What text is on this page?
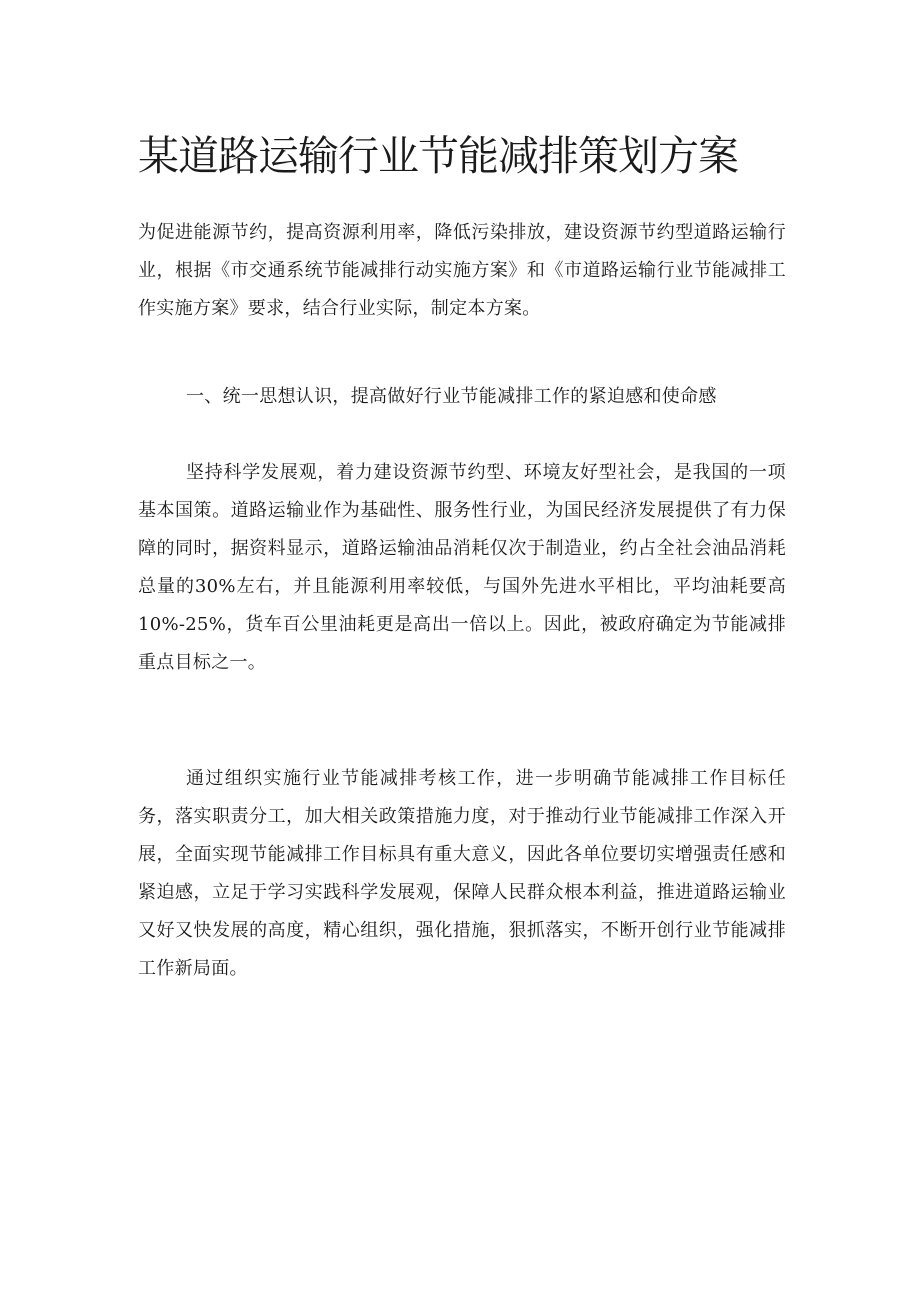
某道路运输行业节能减排策划方案

为促进能源节约，提高资源利用率，降低污染排放，建设资源节约型道路运输行业，根据《市交通系统节能减排行动实施方案》和《市道路运输行业节能减排工作实施方案》要求，结合行业实际，制定本方案。

一、统一思想认识，提高做好行业节能减排工作的紧迫感和使命感

坚持科学发展观，着力建设资源节约型、环境友好型社会，是我国的一项基本国策。道路运输业作为基础性、服务性行业，为国民经济发展提供了有力保障的同时，据资料显示，道路运输油品消耗仅次于制造业，约占全社会油品消耗总量的30%左右，并且能源利用率较低，与国外先进水平相比，平均油耗要高10%-25%，货车百公里油耗更是高出一倍以上。因此，被政府确定为节能减排重点目标之一。

通过组织实施行业节能减排考核工作，进一步明确节能减排工作目标任务，落实职责分工，加大相关政策措施力度，对于推动行业节能减排工作深入开展，全面实现节能减排工作目标具有重大意义，因此各单位要切实增强责任感和紧迫感，立足于学习实践科学发展观，保障人民群众根本利益，推进道路运输业又好又快发展的高度，精心组织，强化措施，狠抓落实，不断开创行业节能减排工作新局面。
